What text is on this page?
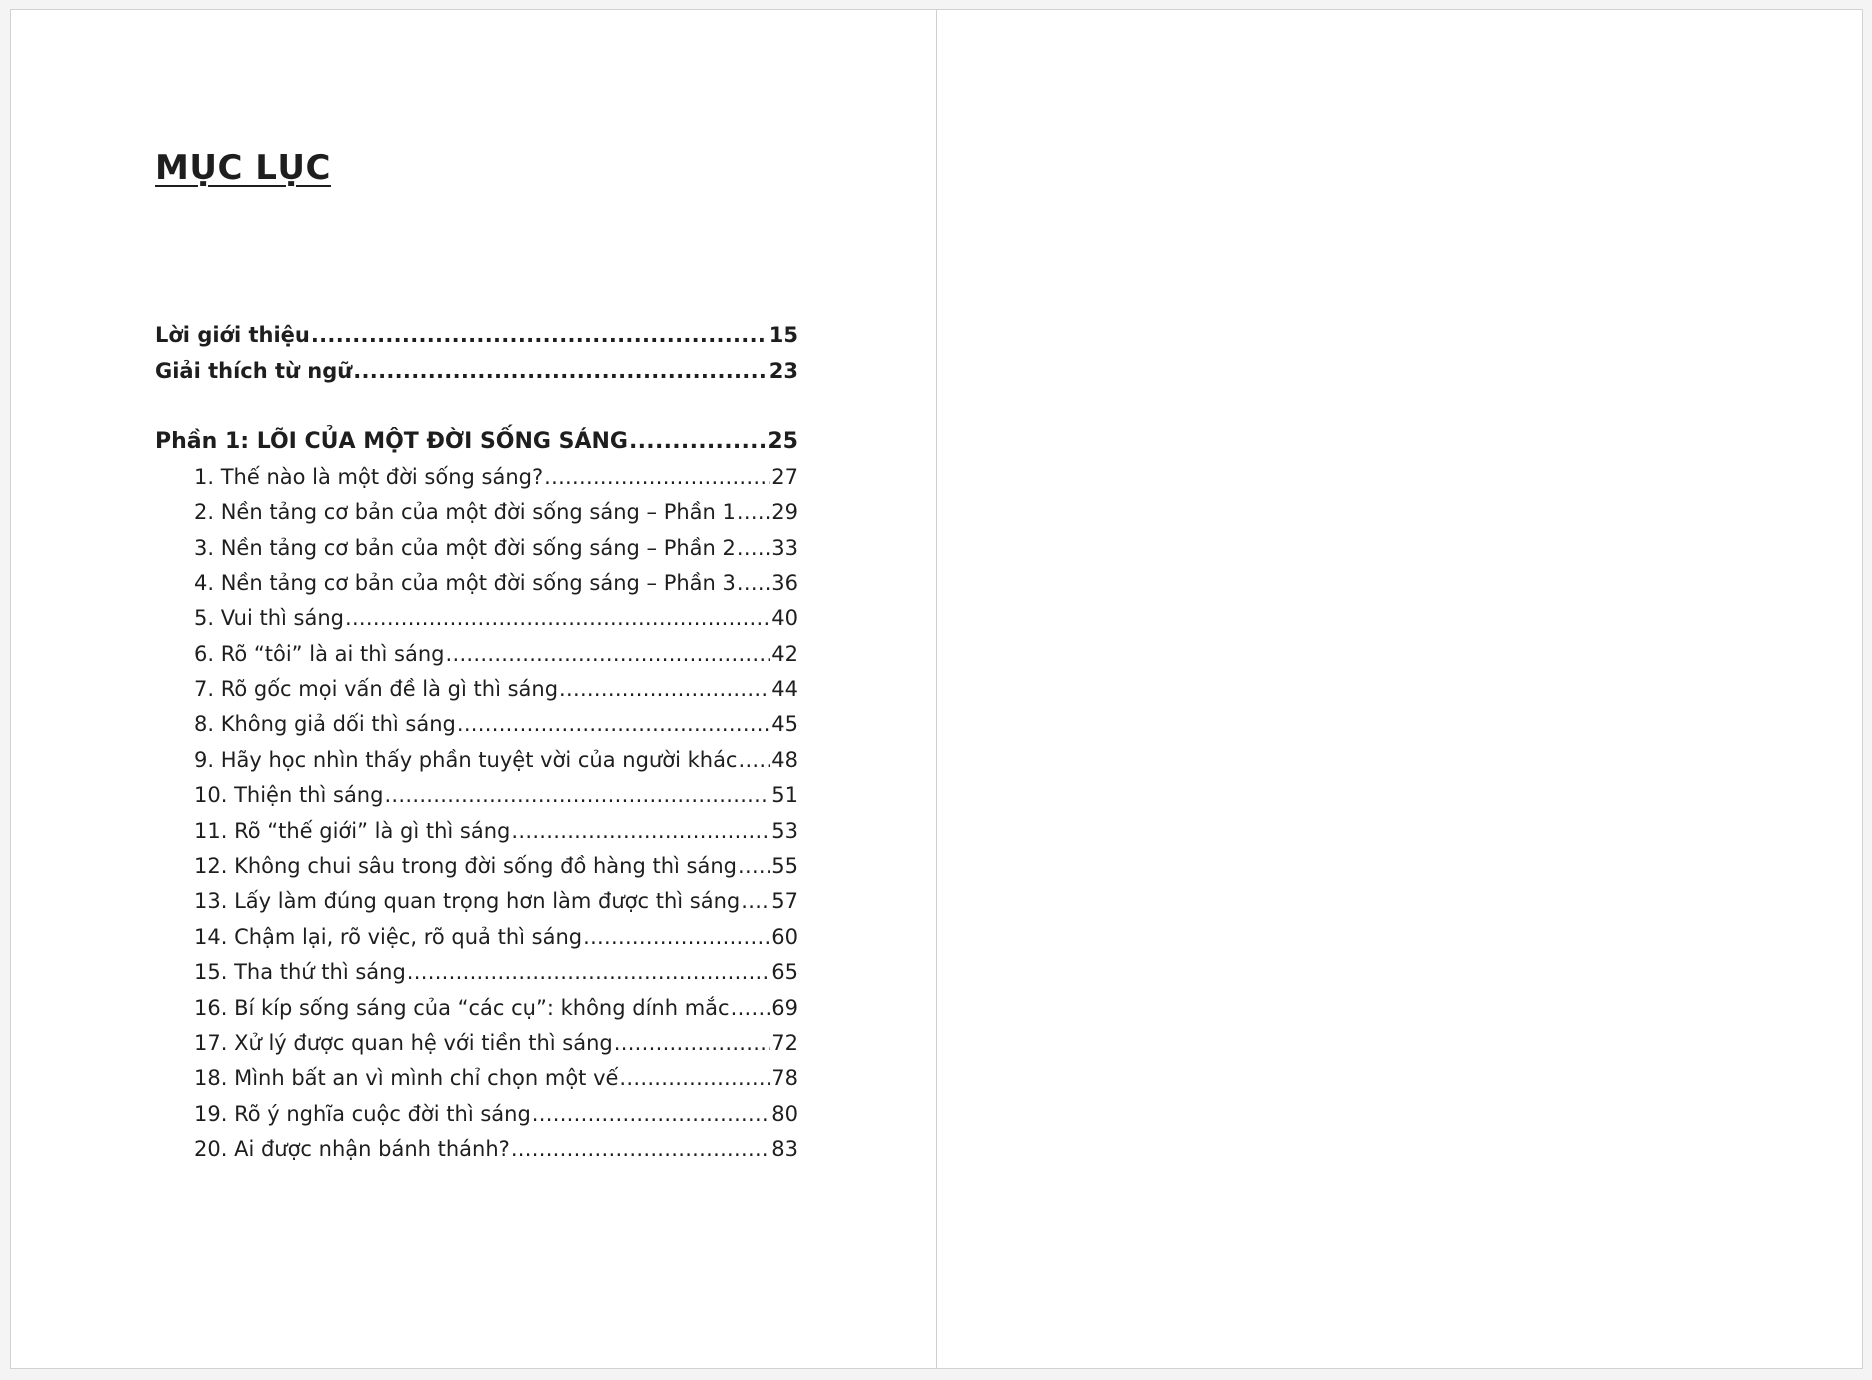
MỤC LỤC
Lời giới thiệu .....	15
Giải thích từ ngữ .....	23
Phần 1: LÕI CỦA MỘT ĐỜI SỐNG SÁNG .....	25
1. Thế nào là một đời sống sáng? .....	27
2. Nền tảng cơ bản của một đời sống sáng – Phần 1 ..... 29
3. Nền tảng cơ bản của một đời sống sáng – Phần 2 ..... 33
4. Nền tảng cơ bản của một đời sống sáng – Phần 3 ..... 36
5. Vui thì sáng .....	40
6. Rõ “tôi” là ai thì sáng .....	42
7. Rõ gốc mọi vấn đề là gì thì sáng .....	44
8. Không giả dối thì sáng .....	45
9. Hãy học nhìn thấy phần tuyệt vời của người khác ..... 48
10. Thiện thì sáng .....	51
11. Rõ “thế giới” là gì thì sáng .....	53
12. Không chui sâu trong đời sống đồ hàng thì sáng ..... 55
13. Lấy làm đúng quan trọng hơn làm được thì sáng ..... 57
14. Chậm lại, rõ việc, rõ quả thì sáng .....	60
15. Tha thứ thì sáng .....	65
16. Bí kíp sống sáng của “các cụ”: không dính mắc ..... 69
17. Xử lý được quan hệ với tiền thì sáng .....	72
18. Mình bất an vì mình chỉ chọn một vế .....	78
19. Rõ ý nghĩa cuộc đời thì sáng .....	80
20. Ai được nhận bánh thánh? .....	83
